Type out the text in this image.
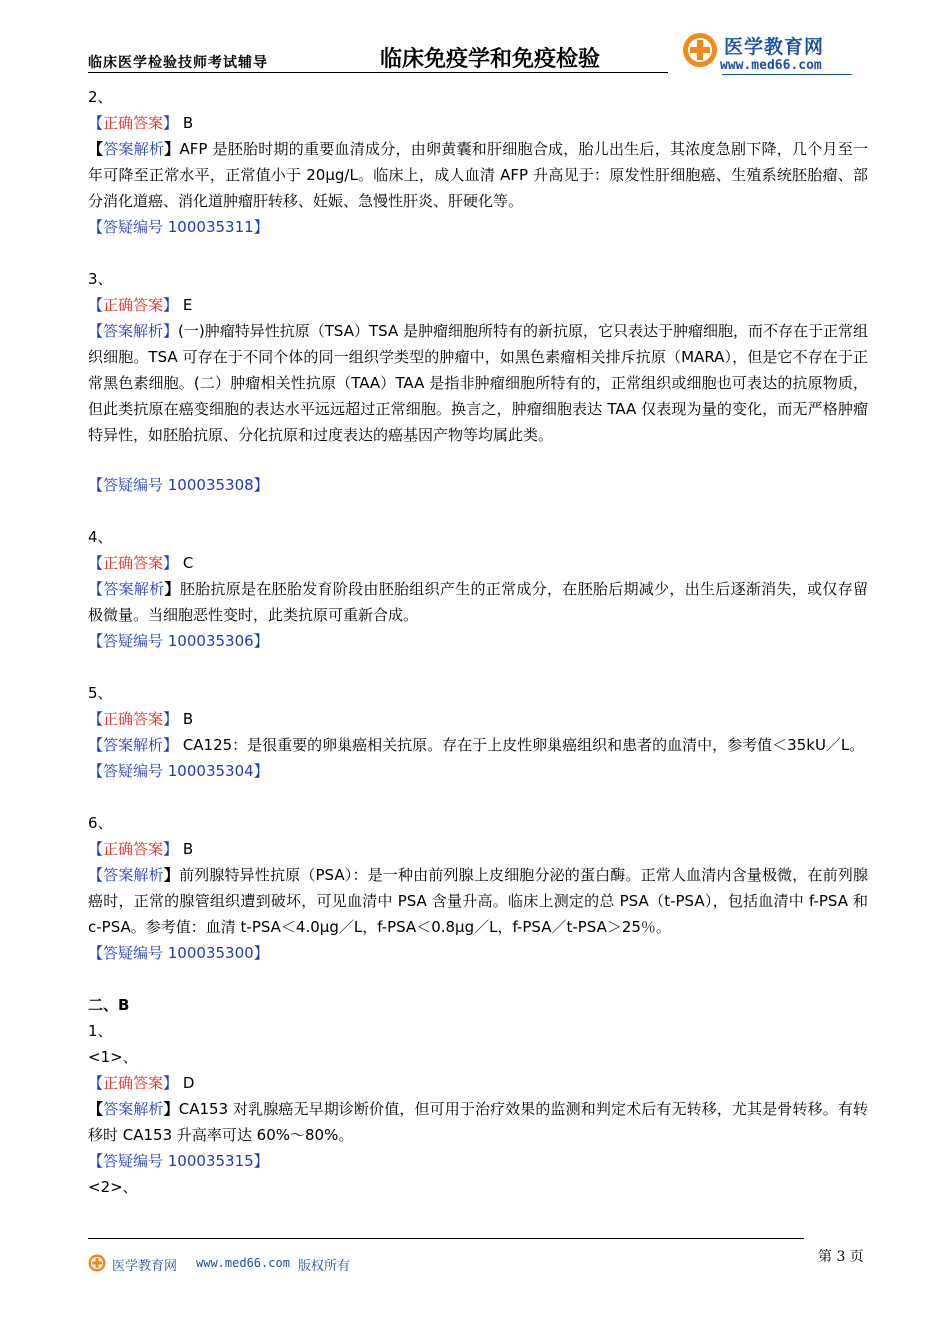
临床医学检验技师考试辅导	临床免疫学和免疫检验	医学教育网
www.med66.com
2、
【正确答案】 B
【答案解析】AFP 是胚胎时期的重要血清成分，由卵黄囊和肝细胞合成，胎儿出生后，其浓度急剧下降，几个月至一年可降至正常水平，正常值小于 20μg/L。临床上，成人血清 AFP 升高见于：原发性肝细胞癌、生殖系统胚胎瘤、部分消化道癌、消化道肿瘤肝转移、妊娠、急慢性肝炎、肝硬化等。
【答疑编号 100035311】
3、
【正确答案】 E
【答案解析】(一)肿瘤特异性抗原（TSA）TSA 是肿瘤细胞所特有的新抗原，它只表达于肿瘤细胞，而不存在于正常组织细胞。TSA 可存在于不同个体的同一组织学类型的肿瘤中，如黑色素瘤相关排斥抗原（MARA），但是它不存在于正常黑色素细胞。(二）肿瘤相关性抗原（TAA）TAA 是指非肿瘤细胞所特有的，正常组织或细胞也可表达的抗原物质，但此类抗原在癌变细胞的表达水平远远超过正常细胞。换言之，肿瘤细胞表达 TAA 仅表现为量的变化，而无严格肿瘤特异性，如胚胎抗原、分化抗原和过度表达的癌基因产物等均属此类。
【答疑编号 100035308】
4、
【正确答案】 C
【答案解析】胚胎抗原是在胚胎发育阶段由胚胎组织产生的正常成分，在胚胎后期减少，出生后逐渐消失，或仅存留极微量。当细胞恶性变时，此类抗原可重新合成。
【答疑编号 100035306】
5、
【正确答案】 B
【答案解析】 CA125：是很重要的卵巢癌相关抗原。存在于上皮性卵巢癌组织和患者的血清中，参考值＜35kU／L。
【答疑编号 100035304】
6、
【正确答案】 B
【答案解析】前列腺特异性抗原（PSA）：是一种由前列腺上皮细胞分泌的蛋白酶。正常人血清内含量极微，在前列腺癌时，正常的腺管组织遭到破坏，可见血清中 PSA 含量升高。临床上测定的总 PSA（t-PSA），包括血清中 f-PSA 和 c-PSA。参考值：血清 t-PSA＜4.0μg／L，f-PSA＜0.8μg／L，f-PSA／t-PSA＞25％。
【答疑编号 100035300】
二、B
1、
<1>、
【正确答案】 D
【答案解析】CA153 对乳腺癌无早期诊断价值，但可用于治疗效果的监测和判定术后有无转移，尤其是骨转移。有转移时 CA153 升高率可达 60%～80%。
【答疑编号 100035315】
<2>、
第 3 页
医学教育网 www.med66.com 版权所有
